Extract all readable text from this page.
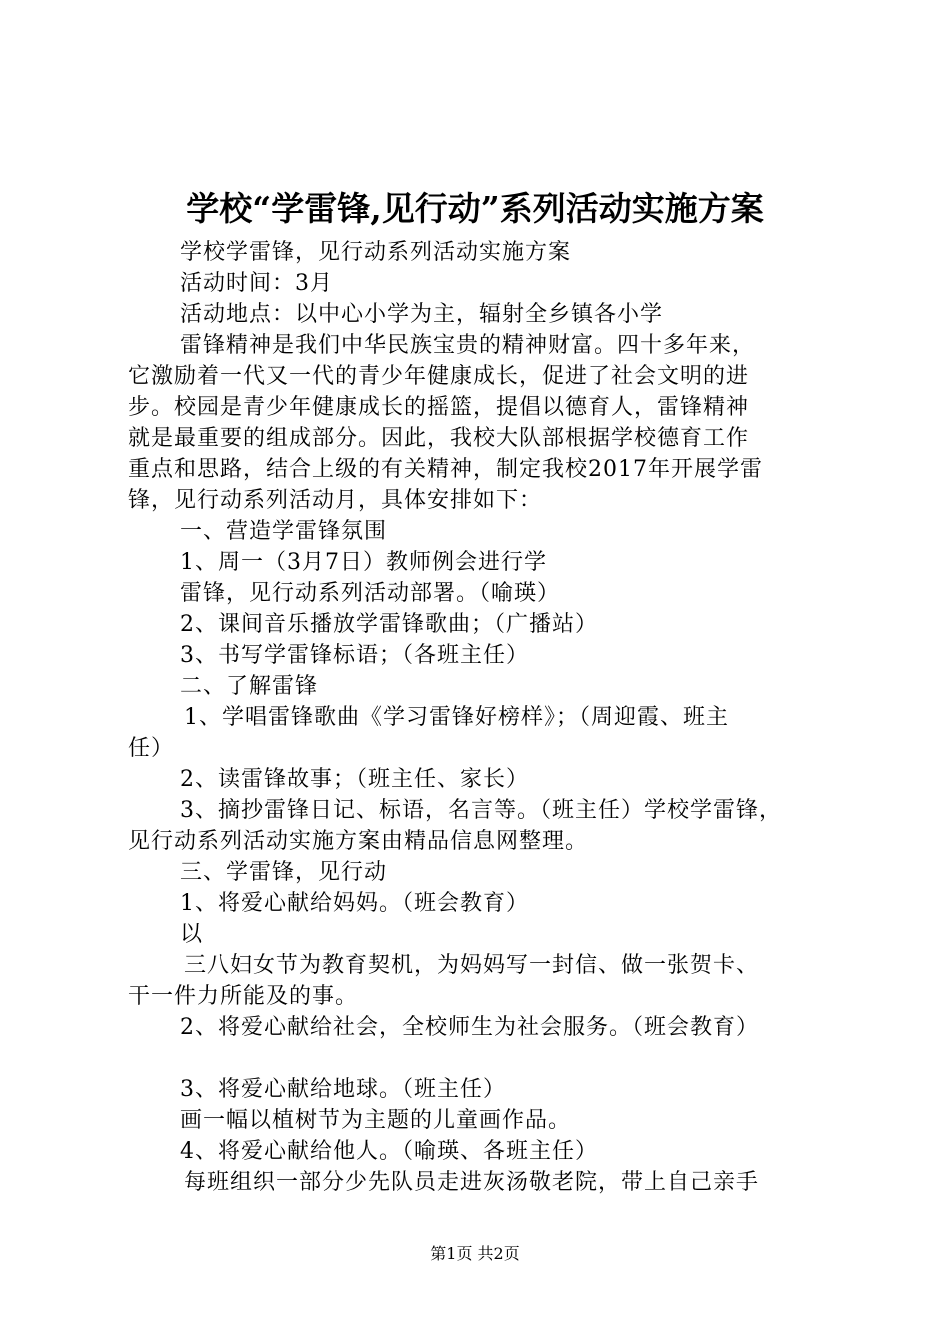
学校“学雷锋,见行动”系列活动实施方案
学校学雷锋，见行动系列活动实施方案
活动时间：3月
活动地点：以中心小学为主，辐射全乡镇各小学
雷锋精神是我们中华民族宝贵的精神财富。四十多年来，
它激励着一代又一代的青少年健康成长，促进了社会文明的进
步。校园是青少年健康成长的摇篮，提倡以德育人，雷锋精神
就是最重要的组成部分。因此，我校大队部根据学校德育工作
重点和思路，结合上级的有关精神，制定我校2017年开展学雷
锋，见行动系列活动月，具体安排如下：
一、营造学雷锋氛围
1、周一（3月7日）教师例会进行学
雷锋，见行动系列活动部署。（喻瑛）
2、课间音乐播放学雷锋歌曲；（广播站）
3、书写学雷锋标语；（各班主任）
二、了解雷锋
1、学唱雷锋歌曲《学习雷锋好榜样》；（周迎霞、班主
任）
2、读雷锋故事；（班主任、家长）
3、摘抄雷锋日记、标语，名言等。（班主任）学校学雷锋，
见行动系列活动实施方案由精品信息网整理。
三、学雷锋，见行动
1、将爱心献给妈妈。（班会教育）
以
三八妇女节为教育契机，为妈妈写一封信、做一张贺卡、
干一件力所能及的事。
2、将爱心献给社会，全校师生为社会服务。（班会教育）
3、将爱心献给地球。（班主任）
画一幅以植树节为主题的儿童画作品。
4、将爱心献给他人。（喻瑛、各班主任）
每班组织一部分少先队员走进灰汤敬老院，带上自己亲手
第1页 共2页
